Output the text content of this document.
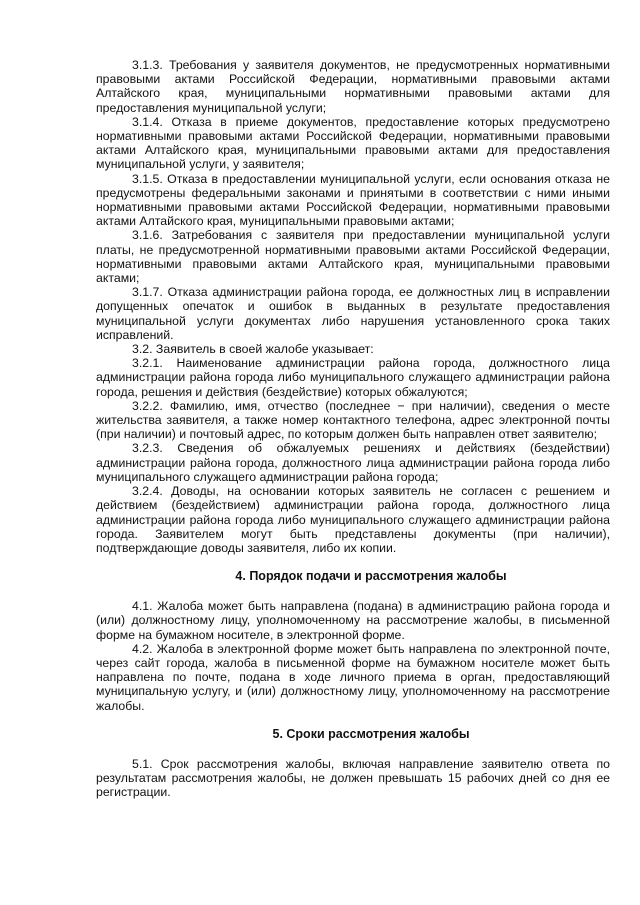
3.1.3. Требования у заявителя документов, не предусмотренных нормативными правовыми актами Российской Федерации, нормативными правовыми актами Алтайского края, муниципальными нормативными правовыми актами для предоставления муниципальной услуги;

3.1.4. Отказа в приеме документов, предоставление которых предусмотрено нормативными правовыми актами Российской Федерации, нормативными правовыми актами Алтайского края, муниципальными правовыми актами для предоставления муниципальной услуги, у заявителя;

3.1.5. Отказа в предоставлении муниципальной услуги, если основания отказа не предусмотрены федеральными законами и принятыми в соответствии с ними иными нормативными правовыми актами Российской Федерации, нормативными правовыми актами Алтайского края, муниципальными правовыми актами;

3.1.6. Затребования с заявителя при предоставлении муниципальной услуги платы, не предусмотренной нормативными правовыми актами Российской Федерации, нормативными правовыми актами Алтайского края, муниципальными правовыми актами;

3.1.7. Отказа администрации района города, ее должностных лиц в исправлении допущенных опечаток и ошибок в выданных в результате предоставления муниципальной услуги документах либо нарушения установленного срока таких исправлений.

3.2. Заявитель в своей жалобе указывает:

3.2.1. Наименование администрации района города, должностного лица администрации района города либо муниципального служащего администрации района города, решения и действия (бездействие) которых обжалуются;

3.2.2. Фамилию, имя, отчество (последнее − при наличии), сведения о месте жительства заявителя, а также номер контактного телефона, адрес электронной почты (при наличии) и почтовый адрес, по которым должен быть направлен ответ заявителю;

3.2.3. Сведения об обжалуемых решениях и действиях (бездействии) администрации района города, должностного лица администрации района города либо муниципального служащего администрации района города;

3.2.4. Доводы, на основании которых заявитель не согласен с решением и действием (бездействием) администрации района города, должностного лица администрации района города либо муниципального служащего администрации района города. Заявителем могут быть представлены документы (при наличии), подтверждающие доводы заявителя, либо их копии.

4. Порядок подачи и рассмотрения жалобы

4.1. Жалоба может быть направлена (подана) в администрацию района города и (или) должностному лицу, уполномоченному на рассмотрение жалобы, в письменной форме на бумажном носителе, в электронной форме.

4.2. Жалоба в электронной форме может быть направлена по электронной почте, через сайт города, жалоба в письменной форме на бумажном носителе может быть направлена по почте, подана в ходе личного приема в орган, предоставляющий муниципальную услугу, и (или) должностному лицу, уполномоченному на рассмотрение жалобы.

5. Сроки рассмотрения жалобы

5.1. Срок рассмотрения жалобы, включая направление заявителю ответа по результатам рассмотрения жалобы, не должен превышать 15 рабочих дней со дня ее регистрации.
